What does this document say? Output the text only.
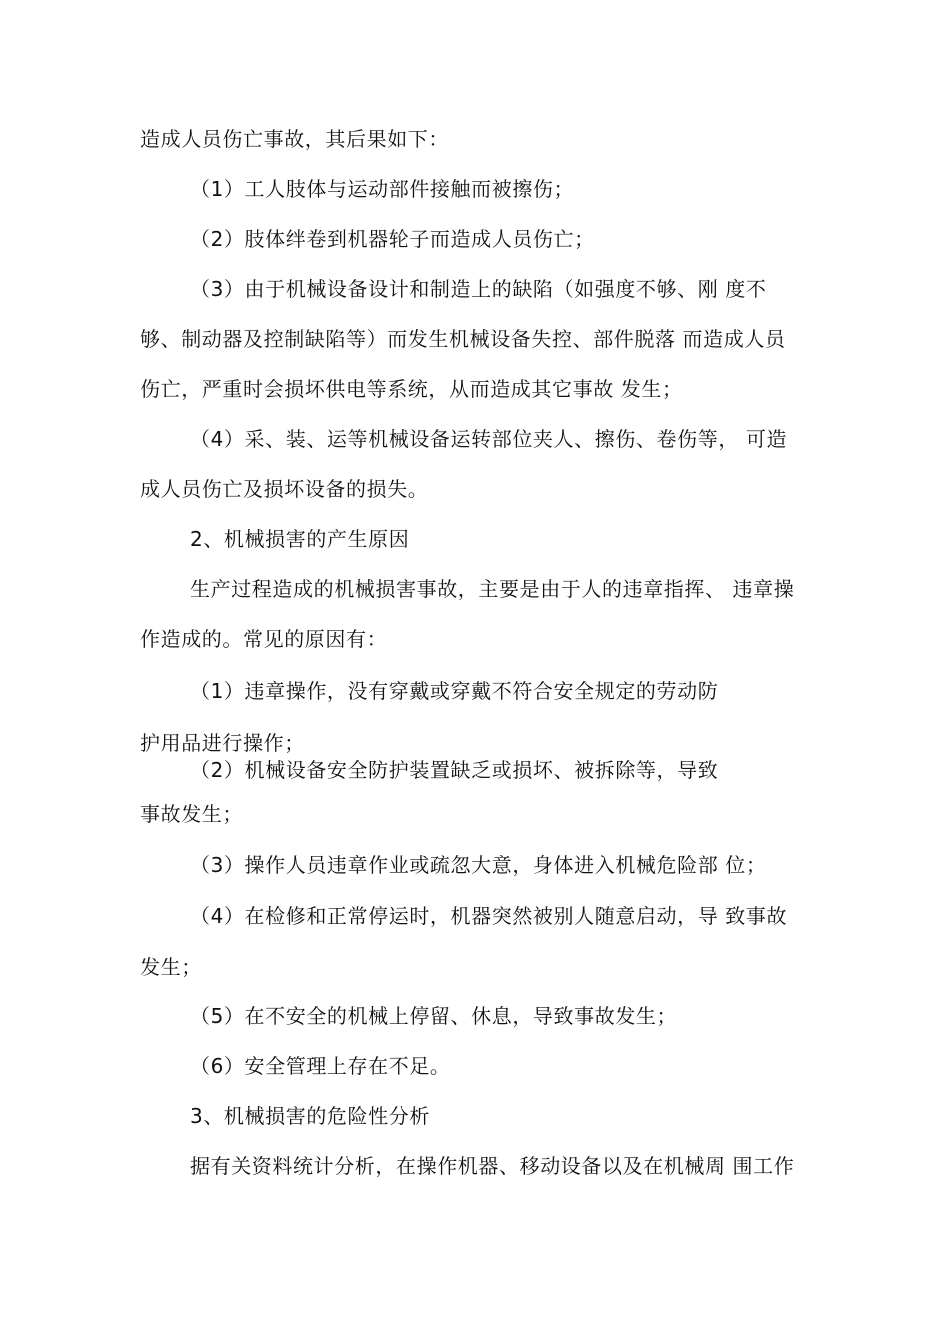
造成人员伤亡事故，其后果如下：

（1）工人肢体与运动部件接触而被擦伤；

（2）肢体绊卷到机器轮子而造成人员伤亡；

（3）由于机械设备设计和制造上的缺陷（如强度不够、刚 度不

够、制动器及控制缺陷等）而发生机械设备失控、部件脱落 而造成人员

伤亡，严重时会损坏供电等系统，从而造成其它事故 发生；

（4）采、装、运等机械设备运转部位夹人、擦伤、卷伤等， 可造

成人员伤亡及损坏设备的损失。

2、机械损害的产生原因

生产过程造成的机械损害事故，主要是由于人的违章指挥、 违章操

作造成的。常见的原因有：

（1）违章操作，没有穿戴或穿戴不符合安全规定的劳动防

护用品进行操作；

（2）机械设备安全防护装置缺乏或损坏、被拆除等，导致

事故发生；

（3）操作人员违章作业或疏忽大意，身体进入机械危险部 位；

（4）在检修和正常停运时，机器突然被别人随意启动，导 致事故

发生；

（5）在不安全的机械上停留、休息，导致事故发生；

（6）安全管理上存在不足。

3、机械损害的危险性分析

据有关资料统计分析，在操作机器、移动设备以及在机械周 围工作
